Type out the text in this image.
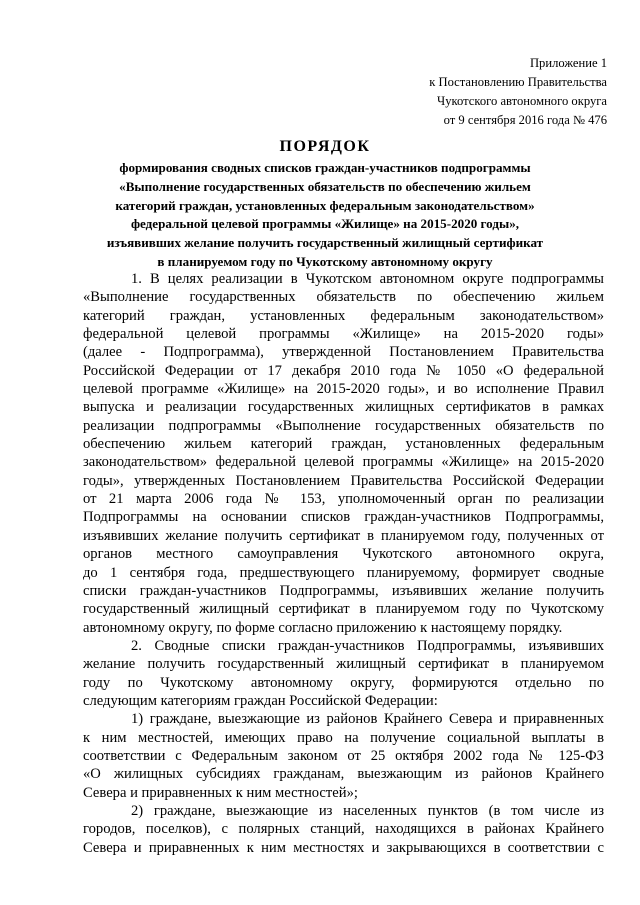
Приложение 1
к Постановлению Правительства
Чукотского автономного округа
от 9 сентября 2016 года № 476
ПОРЯДОК
формирования сводных списков граждан-участников подпрограммы
«Выполнение государственных обязательств по обеспечению жильем
категорий граждан, установленных федеральным законодательством»
федеральной целевой программы «Жилище» на 2015-2020 годы»,
изъявивших желание получить государственный жилищный сертификат
в планируемом году по Чукотскому автономному округу
1. В целях реализации в Чукотском автономном округе подпрограммы
«Выполнение государственных обязательств по обеспечению жильем
категорий граждан, установленных федеральным законодательством»
федеральной целевой программы «Жилище» на 2015-2020 годы»
(далее - Подпрограмма), утвержденной Постановлением Правительства
Российской Федерации от 17 декабря 2010 года № 1050 «О федеральной
целевой программе «Жилище» на 2015-2020 годы», и во исполнение Правил
выпуска и реализации государственных жилищных сертификатов в рамках
реализации подпрограммы «Выполнение государственных обязательств по
обеспечению жильем категорий граждан, установленных федеральным
законодательством» федеральной целевой программы «Жилище» на 2015-2020
годы», утвержденных Постановлением Правительства Российской Федерации
от 21 марта 2006 года № 153, уполномоченный орган по реализации
Подпрограммы на основании списков граждан-участников Подпрограммы,
изъявивших желание получить сертификат в планируемом году, полученных от
органов местного самоуправления Чукотского автономного округа,
до 1 сентября года, предшествующего планируемому, формирует сводные
списки граждан-участников Подпрограммы, изъявивших желание получить
государственный жилищный сертификат в планируемом году по Чукотскому
автономному округу, по форме согласно приложению к настоящему порядку.
2. Сводные списки граждан-участников Подпрограммы, изъявивших
желание получить государственный жилищный сертификат в планируемом
году по Чукотскому автономному округу, формируются отдельно по
следующим категориям граждан Российской Федерации:
1) граждане, выезжающие из районов Крайнего Севера и приравненных
к ним местностей, имеющих право на получение социальной выплаты в
соответствии с Федеральным законом от 25 октября 2002 года № 125-ФЗ
«О жилищных субсидиях гражданам, выезжающим из районов Крайнего
Севера и приравненных к ним местностей»;
2) граждане, выезжающие из населенных пунктов (в том числе из
городов, поселков), с полярных станций, находящихся в районах Крайнего
Севера и приравненных к ним местностях и закрывающихся в соответствии с
